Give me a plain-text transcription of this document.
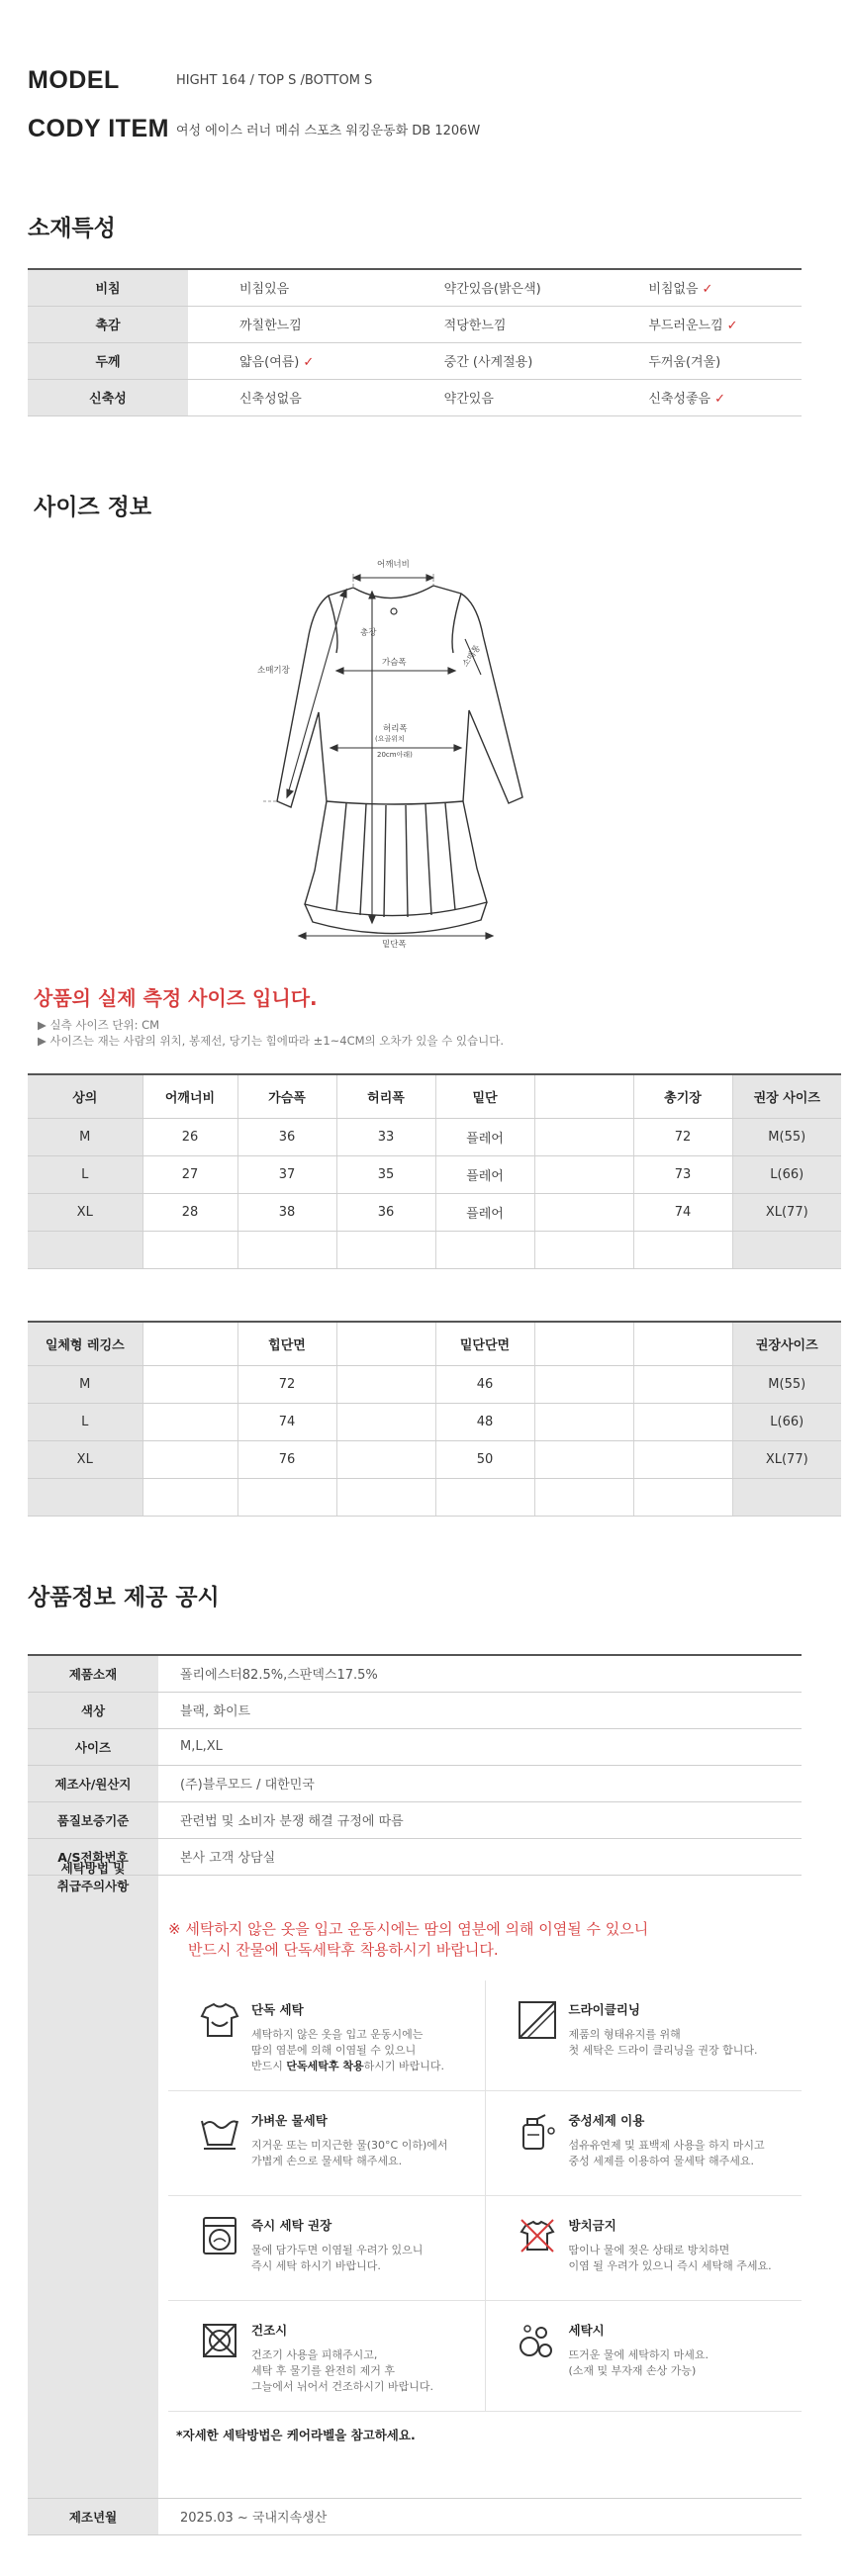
MODEL	HIGHT 164 / TOP S /BOTTOM S
CODY ITEM 여성 에이스 러너 메쉬 스포츠 워킹운동화 DB 1206W
소재특성
비침	비침있음	약간있음(밝은색)	비침없음 ✓
촉감	까칠한느낌	적당한느낌	부드러운느낌 ✓
두께	얇음(여름) ✓	중간 (사계절용)	두꺼움(겨울)
신축성	신축성없음	약간있음	신축성좋음 ✓
사이즈 정보
어깨너비
총장
소매기장
소매통
가슴폭
허리폭
(요골위치
20cm아래)
밑단폭
상품의 실제 측정 사이즈 입니다.
▶ 실측 사이즈 단위: CM
▶ 사이즈는 재는 사람의 위치, 봉제선, 당기는 힘에따라 ±1~4CM의 오차가 있을 수 있습니다.
상의	어깨너비	가슴폭	허리폭	밑단		총기장	권장 사이즈
M	26	36	33	플레어		72	M(55)
L	27	37	35	플레어		73	L(66)
XL	28	38	36	플레어		74	XL(77)

일체형 레깅스		힙단면		밑단단면			권장사이즈
M		72		46			M(55)
L		74		48			L(66)
XL		76		50			XL(77)

상품정보 제공 공시
제품소재	폴리에스터82.5%,스판덱스17.5%
색상	블랙, 화이트
사이즈	M,L,XL
제조사/원산지	(주)블루모드 / 대한민국
품질보증기준	관련법 및 소비자 분쟁 해결 규정에 따름
A/S전화번호	본사 고객 상담실

세탁방법 및
취급주의사항

※ 세탁하지 않은 옷을 입고 운동시에는 땀의 염분에 의해 이염될 수 있으니
반드시 잔물에 단독세탁후 착용하시기 바랍니다.
단독 세탁
세탁하지 않은 옷을 입고 운동시에는
땀의 염분에 의해 이염될 수 있으니
반드시 단독세탁후 착용하시기 바랍니다.

드라이클리닝
제품의 형태유지를 위해
첫 세탁은 드라이 클리닝을 권장 합니다.

가벼운 물세탁
지거운 또는 미지근한 물(30°C 이하)에서
가볍게 손으로 물세탁 해주세요.

중성세제 이용
섬유유연제 및 표백제 사용을 하지 마시고
중성 세제를 이용하여 물세탁 해주세요.

즉시 세탁 권장
물에 담가두면 이염될 우려가 있으니
즉시 세탁 하시기 바랍니다.

방치금지
땀이나 물에 젖은 상태로 방치하면
이염 될 우려가 있으니 즉시 세탁해 주세요.

건조시
건조기 사용을 피해주시고,
세탁 후 물기를 완전히 제거 후
그늘에서 뉘어서 건조하시기 바랍니다.

세탁시
뜨거운 물에 세탁하지 마세요.
(소재 및 부자재 손상 가능)
*자세한 세탁방법은 케어라벨을 참고하세요.

제조년월	2025.03 ~ 국내지속생산
